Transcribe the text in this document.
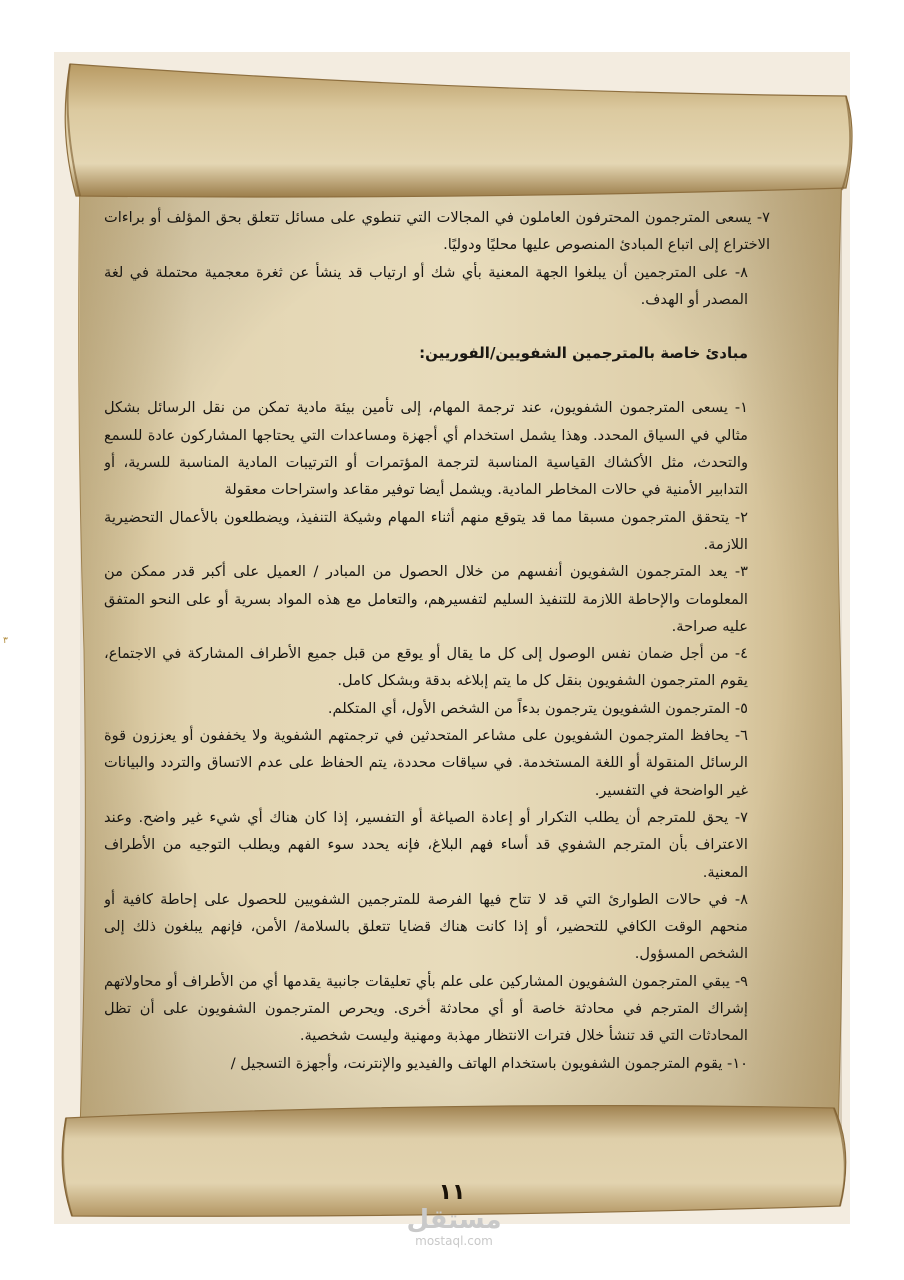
٧- يسعى المترجمون المحترفون العاملون في المجالات التي تنطوي على مسائل تتعلق بحق المؤلف أو براءات الاختراع إلى اتباع المبادئ المنصوص عليها محليًا ودوليًا.

٨- على المترجمين أن يبلغوا الجهة المعنية بأي شك أو ارتياب قد ينشأ عن ثغرة معجمية محتملة في لغة المصدر أو الهدف.

مبادئ خاصة بالمترجمين الشفويين/الفوريين:

١- يسعى المترجمون الشفويون، عند ترجمة المهام، إلى تأمين بيئة مادية تمكن من نقل الرسائل بشكل مثالي في السياق المحدد. وهذا يشمل استخدام أي أجهزة ومساعدات التي يحتاجها المشاركون عادة للسمع والتحدث، مثل الأكشاك القياسية المناسبة لترجمة المؤتمرات أو الترتيبات المادية المناسبة للسرية، أو التدابير الأمنية في حالات المخاطر المادية. ويشمل أيضا توفير مقاعد واستراحات معقولة

٢- يتحقق المترجمون مسبقا مما قد يتوقع منهم أثناء المهام وشيكة التنفيذ، ويضطلعون بالأعمال التحضيرية اللازمة.

٣- يعد المترجمون الشفويون أنفسهم من خلال الحصول من المبادر / العميل على أكبر قدر ممكن من المعلومات والإحاطة اللازمة للتنفيذ السليم لتفسيرهم، والتعامل مع هذه المواد بسرية أو على النحو المتفق عليه صراحة.

٤- من أجل ضمان نفس الوصول إلى كل ما يقال أو يوقع من قبل جميع الأطراف المشاركة في الاجتماع، يقوم المترجمون الشفويون بنقل كل ما يتم إبلاغه بدقة وبشكل كامل.

٥- المترجمون الشفويون يترجمون بدءاً من الشخص الأول، أي المتكلم.

٦- يحافظ المترجمون الشفويون على مشاعر المتحدثين في ترجمتهم الشفوية ولا يخففون أو يعززون قوة الرسائل المنقولة أو اللغة المستخدمة. في سياقات محددة، يتم الحفاظ على عدم الاتساق والتردد والبيانات غير الواضحة في التفسير.

٧- يحق للمترجم أن يطلب التكرار أو إعادة الصياغة أو التفسير، إذا كان هناك أي شيء غير واضح. وعند الاعتراف بأن المترجم الشفوي قد أساء فهم البلاغ، فإنه يحدد سوء الفهم ويطلب التوجيه من الأطراف المعنية.

٨- في حالات الطوارئ التي قد لا تتاح فيها الفرصة للمترجمين الشفويين للحصول على إحاطة كافية أو منحهم الوقت الكافي للتحضير، أو إذا كانت هناك قضايا تتعلق بالسلامة/ الأمن، فإنهم يبلغون ذلك إلى الشخص المسؤول.

٩- يبقي المترجمون الشفويون المشاركين على علم بأي تعليقات جانبية يقدمها أي من الأطراف أو محاولاتهم إشراك المترجم في محادثة خاصة أو أي محادثة أخرى. ويحرص المترجمون الشفويون على أن تظل المحادثات التي قد تنشأ خلال فترات الانتظار مهذبة ومهنية وليست شخصية.

١٠- يقوم المترجمون الشفويون باستخدام الهاتف والفيديو والإنترنت، وأجهزة التسجيل /

٣
١١
مستقل
mostaql.com
